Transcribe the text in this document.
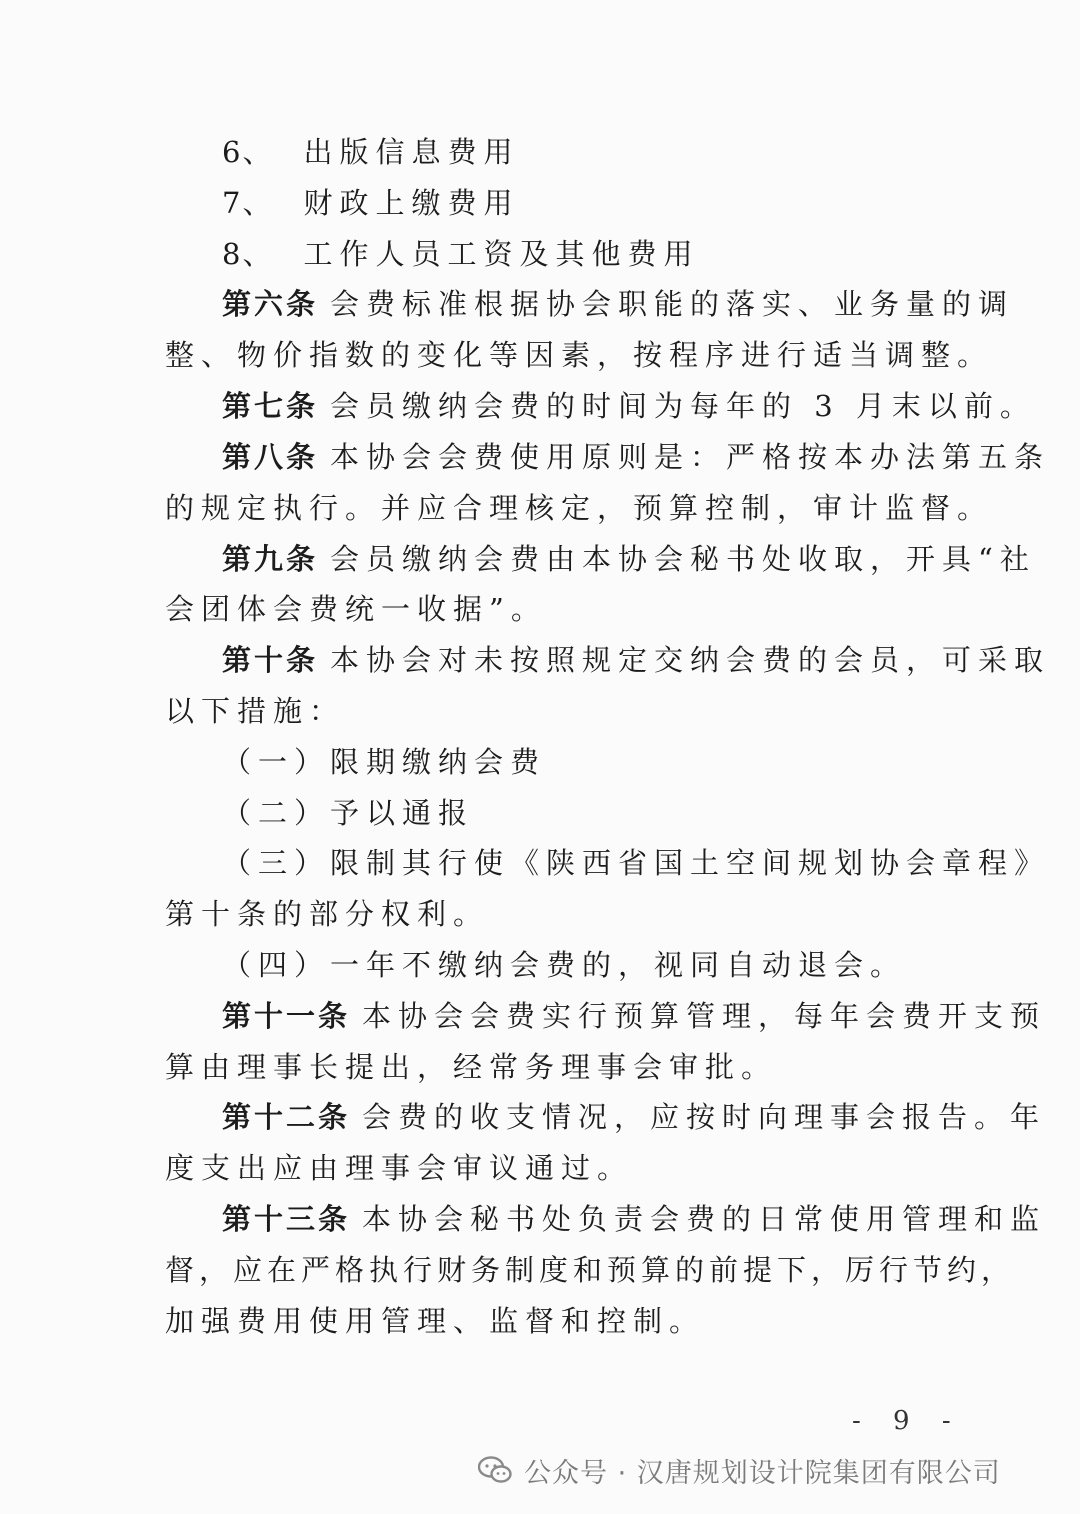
6、 出版信息费用
7、 财政上缴费用
8、 工作人员工资及其他费用
第六条 会费标准根据协会职能的落实、业务量的调
整、物价指数的变化等因素，按程序进行适当调整。
第七条 会员缴纳会费的时间为每年的 3 月末以前。
第八条 本协会会费使用原则是：严格按本办法第五条
的规定执行。并应合理核定，预算控制，审计监督。
第九条 会员缴纳会费由本协会秘书处收取，开具“社
会团体会费统一收据”。
第十条 本协会对未按照规定交纳会费的会员，可采取
以下措施：
（一）限期缴纳会费
（二）予以通报
（三）限制其行使《陕西省国土空间规划协会章程》
第十条的部分权利。
（四）一年不缴纳会费的，视同自动退会。
第十一条 本协会会费实行预算管理，每年会费开支预
算由理事长提出，经常务理事会审批。
第十二条 会费的收支情况，应按时向理事会报告。年
度支出应由理事会审议通过。
第十三条 本协会秘书处负责会费的日常使用管理和监
督，应在严格执行财务制度和预算的前提下，厉行节约，
加强费用使用管理、监督和控制。
- 9 -
公众号 · 汉唐规划设计院集团有限公司
